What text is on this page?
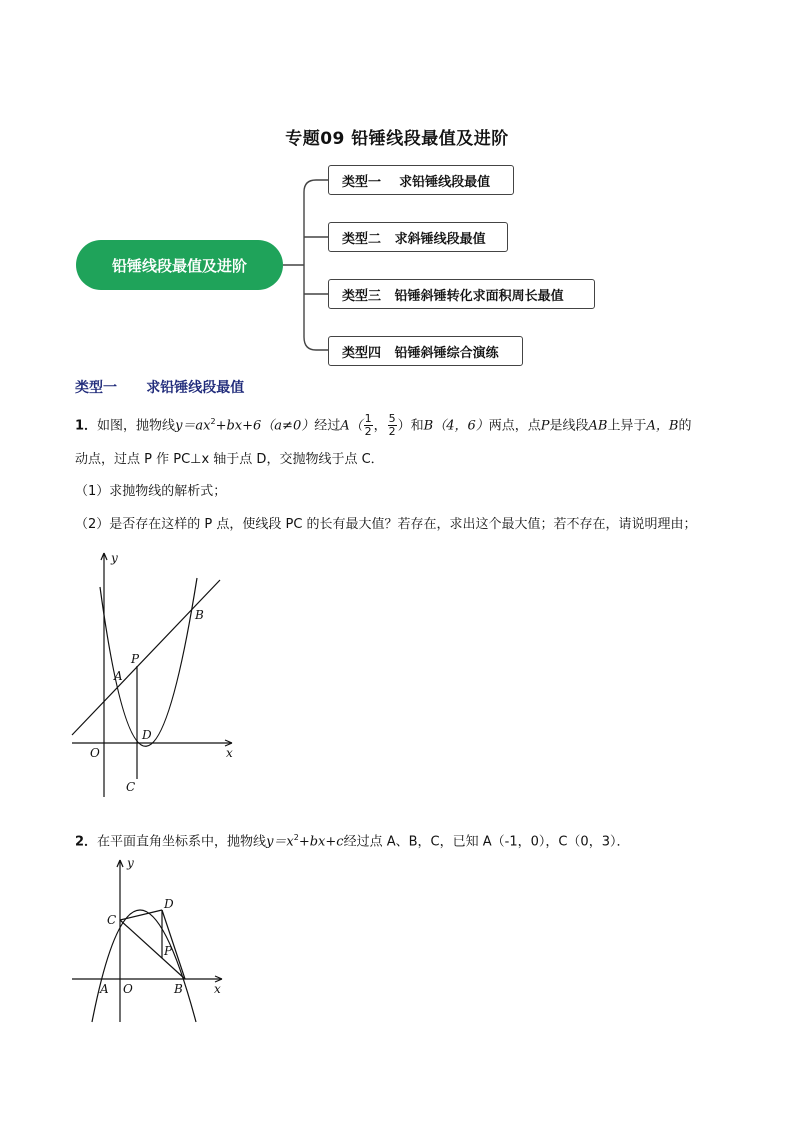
专题09 铅锤线段最值及进阶
铅锤线段最值及进阶
类型一    求铅锤线段最值
类型二   求斜锤线段最值
类型三   铅锤斜锤转化求面积周长最值
类型四   铅锤斜锤综合演练
类型一      求铅锤线段最值
1．如图，抛物线$y=ax^2+bx+6(a\ne 0)$经过$A( \frac{1}{2}$ ， $\frac{5}{2}$ ）和B（4，6）两点，点P是线段AB上异于A，B的
动点，过点 P 作 PC⊥x 轴于点 D，交抛物线于点 C．
（1）求抛物线的解析式；
（2）是否存在这样的 P 点，使线段 PC 的长有最大值？若存在，求出这个最大值；若不存在，请说明理由；
y
x
O
A
B
P
D
C
2．在平面直角坐标系中，抛物线$y=x^2+bx+c$经过点 A、B，C，已知 A（-1，0），C（0，3）．
y
x
O
A	B
C
D
P
